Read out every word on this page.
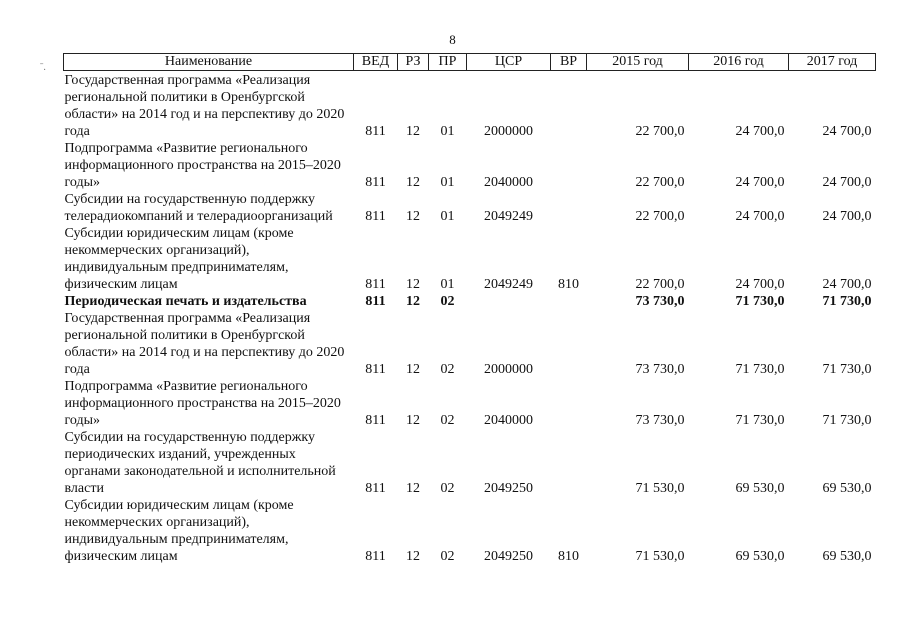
8
ˉ.	Наименование	ВЕД	РЗ	ПР	ЦСР	ВР	2015 год	2016 год	2017 год
Государственная программа «Реализация региональной политики в Оренбургской области» на 2014 год и на перспективу до 2020 года	811	12	01	2000000		22 700,0	24 700,0	24 700,0
Подпрограмма «Развитие регионального информационного пространства на 2015–2020 годы»	811	12	01	2040000		22 700,0	24 700,0	24 700,0
Субсидии на государственную поддержку телерадиокомпаний и телерадиоорганизаций	811	12	01	2049249		22 700,0	24 700,0	24 700,0
Субсидии юридическим лицам (кроме некоммерческих организаций), индивидуальным предпринимателям, физическим лицам	811	12	01	2049249	810	22 700,0	24 700,0	24 700,0
Периодическая печать и издательства	811	12	02			73 730,0	71 730,0	71 730,0
Государственная программа «Реализация региональной политики в Оренбургской области» на 2014 год и на перспективу до 2020 года	811	12	02	2000000		73 730,0	71 730,0	71 730,0
Подпрограмма «Развитие регионального информационного пространства на 2015–2020 годы»	811	12	02	2040000		73 730,0	71 730,0	71 730,0
Субсидии на государственную поддержку периодических изданий, учрежденных органами законодательной и исполнительной власти	811	12	02	2049250		71 530,0	69 530,0	69 530,0
Субсидии юридическим лицам (кроме некоммерческих организаций), индивидуальным предпринимателям, физическим лицам	811	12	02	2049250	810	71 530,0	69 530,0	69 530,0
